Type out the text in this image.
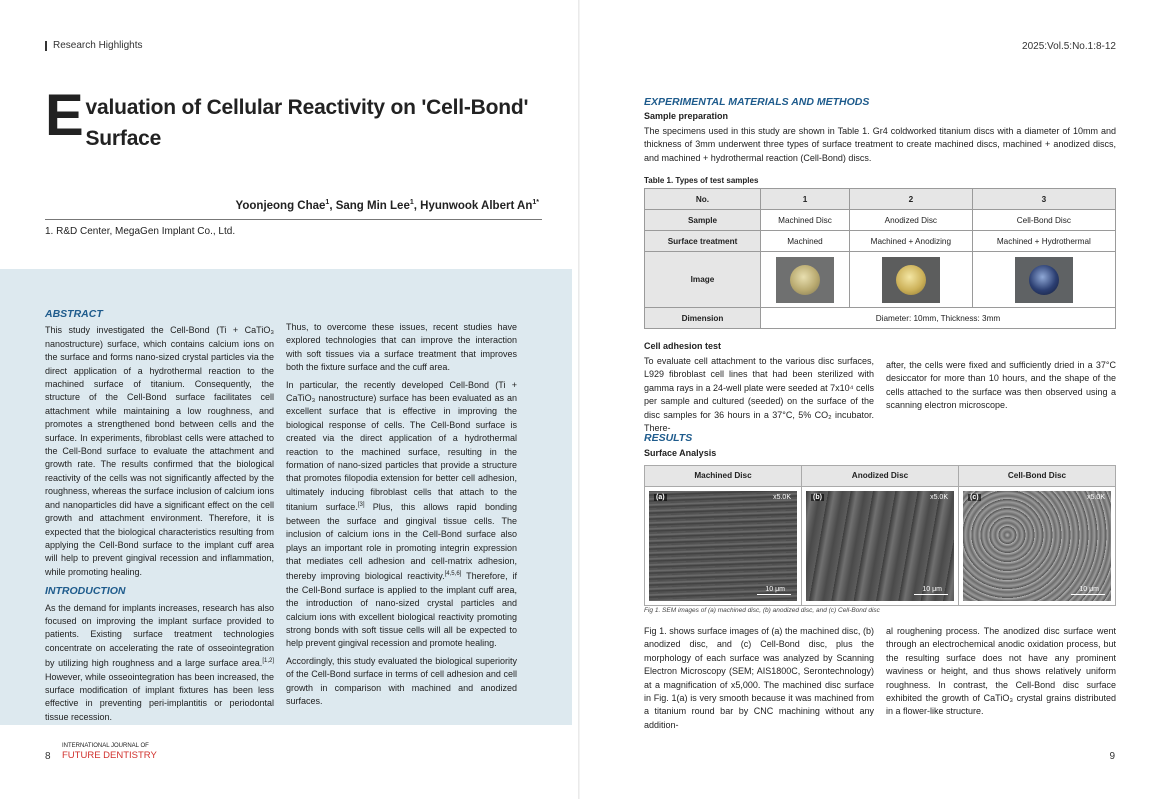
Research Highlights
Evaluation of Cellular Reactivity on 'Cell-Bond' Surface
Yoonjeong Chae$^1$, Sang Min Lee$^1$, Hyunwook Albert $An^{1*}$
1. R&D Center, MegaGen Implant Co., Ltd.
ABSTRACT

This study investigated the Cell-Bond (Ti + CaTiO₃ nanostructure) surface, which contains calcium ions on the surface and forms nano-sized crystal particles via the direct application of a hydrothermal reaction to the machined surface of titanium. Consequently, the structure of the Cell-Bond surface facilitates cell attachment while maintaining a low roughness, and promotes a strengthened bond between cells and the surface. In experiments, fibroblast cells were attached to the Cell-Bond surface to evaluate the attachment and growth rate. The results confirmed that the biological reactivity of the cells was not significantly affected by the roughness, whereas the surface inclusion of calcium ions and nanoparticles did have a significant effect on the cell growth and attachment environment. Therefore, it is expected that the biological characteristics resulting from applying the Cell-Bond surface to the implant cuff area will help to prevent gingival recession and inflammation, while promoting healing.

INTRODUCTION

As the demand for implants increases, research has also focused on improving the implant surface provided to patients. Existing surface treatment technologies concentrate on accelerating the rate of osseointegration by utilizing high roughness and a large surface area.[1,2] However, while osseointegration has been increased, the surface modification of implant fixtures has been less effective in preventing peri-implantitis or periodontal tissue recession.

Thus, to overcome these issues, recent studies have explored technologies that can improve the interaction with soft tissues via a surface treatment that improves both the fixture surface and the cuff area.

In particular, the recently developed Cell-Bond (Ti + CaTiO₃ nanostructure) surface has been evaluated as an excellent surface that is effective in improving the biological response of cells. The Cell-Bond surface is created via the direct application of a hydrothermal reaction to the machined surface, resulting in the formation of nano-sized particles that provide a structure that promotes filopodia extension for better cell adhesion, ultimately inducing fibroblast cells that attach to the titanium surface.[3] Plus, this allows rapid bonding between the surface and gingival tissue cells. The inclusion of calcium ions in the Cell-Bond surface also plays an important role in promoting integrin expression that mediates cell adhesion and cell-matrix adhesion, thereby improving biological reactivity.[4,5,6] Therefore, if the Cell-Bond surface is applied to the implant cuff area, the introduction of nano-sized crystal particles and calcium ions with excellent biological reactivity promoting strong bonds with soft tissue cells will all be expected to help prevent gingival recession and promote healing.

Accordingly, this study evaluated the biological superiority of the Cell-Bond surface in terms of cell adhesion and cell growth in comparison with machined and anodized surfaces.

INTERNATIONAL JOURNAL OF
FUTURE DENTISTRY
8
2025:Vol.5:No.1:8-12
EXPERIMENTAL MATERIALS AND METHODS
Sample preparation

The specimens used in this study are shown in Table 1. Gr4 coldworked titanium discs with a diameter of 10mm and thickness of 3mm underwent three types of surface treatment to create machined discs, machined + anodized discs, and machined + hydrothermal reaction (Cell-Bond) discs.

Table 1. Types of test samples
No.	1	2	3
Sample	Machined Disc	Anodized Disc	Cell-Bond Disc
Surface treatment	Machined	Machined + Anodizing	Machined + Hydrothermal
Image			
Dimension	Diameter: 10mm, Thickness: 3mm		
Cell adhesion test
To evaluate cell attachment to the various disc surfaces, L929 fibroblast cell lines that had been sterilized with gamma rays in a 24-well plate were seeded at 7x10⁴ cells per sample and cultured (seeded) on the surface of the disc samples for 36 hours in a 37°C, 5% CO₂ incubator. There-
after, the cells were fixed and sufficiently dried in a 37°C desiccator for more than 10 hours, and the shape of the cells attached to the surface was then observed using a scanning electron microscope.
RESULTS
Surface Analysis
Machined Disc	Anodized Disc	Cell-Bond Disc
(a)	x5.0K
10 μm
(b)	x5.0K
10 μm
(c)	x5.0K
10 μm
Fig 1. SEM images of (a) machined disc, (b) anodized disc, and (c) Cell-Bond disc
Fig 1. shows surface images of (a) the machined disc, (b) anodized disc, and (c) Cell-Bond disc, plus the morphology of each surface was analyzed by Scanning Electron Microscopy (SEM; AIS1800C, Serontechnology) at a magnification of x5,000. The machined disc surface in Fig. 1(a) is very smooth because it was machined from a titanium round bar by CNC machining without any addition-
al roughening process. The anodized disc surface went through an electrochemical anodic oxidation process, but the resulting surface does not have any prominent waviness or height, and thus shows relatively uniform roughness. In contrast, the Cell-Bond disc surface exhibited the growth of CaTiO₃ crystal grains distributed in a flower-like structure.
9
